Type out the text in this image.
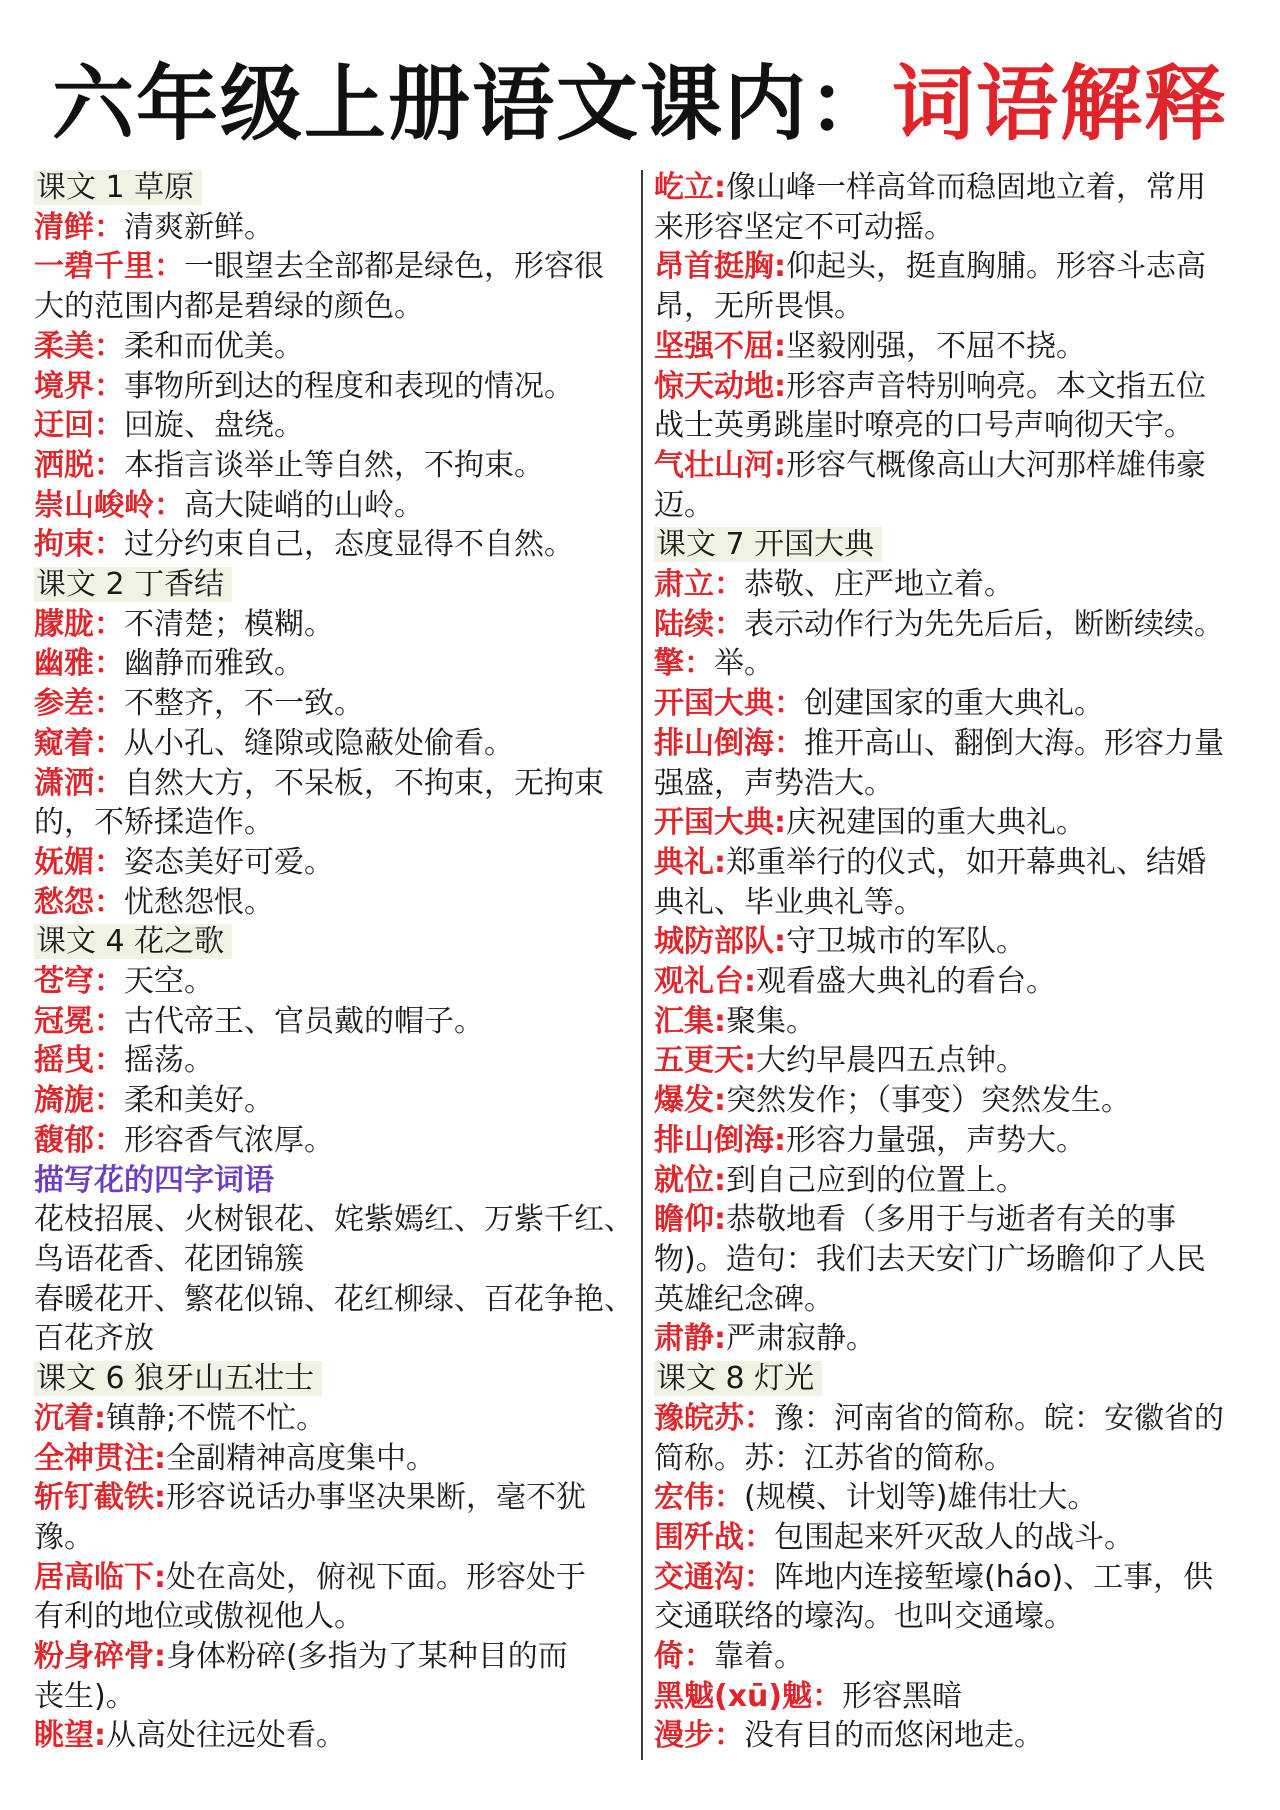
六年级上册语文课内：词语解释
课文 1 草原
清鲜：清爽新鲜。
一碧千里：一眼望去全部都是绿色，形容很
大的范围内都是碧绿的颜色。
柔美：柔和而优美。
境界：事物所到达的程度和表现的情况。
迂回：回旋、盘绕。
洒脱：本指言谈举止等自然，不拘束。
崇山峻岭：高大陡峭的山岭。
拘束：过分约束自己，态度显得不自然。
课文 2 丁香结
朦胧：不清楚；模糊。
幽雅：幽静而雅致。
参差：不整齐，不一致。
窥着：从小孔、缝隙或隐蔽处偷看。
潇洒：自然大方，不呆板，不拘束，无拘束
的，不矫揉造作。
妩媚：姿态美好可爱。
愁怨：忧愁怨恨。
课文 4 花之歌
苍穹：天空。
冠冕：古代帝王、官员戴的帽子。
摇曳：摇荡。
旖旎：柔和美好。
馥郁：形容香气浓厚。
描写花的四字词语
花枝招展、火树银花、姹紫嫣红、万紫千红、
鸟语花香、花团锦簇
春暖花开、繁花似锦、花红柳绿、百花争艳、
百花齐放
课文 6 狼牙山五壮士
沉着:镇静;不慌不忙。
全神贯注:全副精神高度集中。
斩钉截铁:形容说话办事坚决果断，毫不犹
豫。
居高临下:处在高处，俯视下面。形容处于
有利的地位或傲视他人。
粉身碎骨:身体粉碎(多指为了某种目的而
丧生)。
眺望:从高处往远处看。
屹立:像山峰一样高耸而稳固地立着，常用
来形容坚定不可动摇。
昂首挺胸:仰起头，挺直胸脯。形容斗志高
昂，无所畏惧。
坚强不屈:坚毅刚强，不屈不挠。
惊天动地:形容声音特别响亮。本文指五位
战士英勇跳崖时嘹亮的口号声响彻天宇。
气壮山河:形容气概像高山大河那样雄伟豪
迈。
课文 7 开国大典
肃立：恭敬、庄严地立着。
陆续：表示动作行为先先后后，断断续续。
擎：举。
开国大典：创建国家的重大典礼。
排山倒海：推开高山、翻倒大海。形容力量
强盛，声势浩大。
开国大典:庆祝建国的重大典礼。
典礼:郑重举行的仪式，如开幕典礼、结婚
典礼、毕业典礼等。
城防部队:守卫城市的军队。
观礼台:观看盛大典礼的看台。
汇集:聚集。
五更天:大约早晨四五点钟。
爆发:突然发作；（事变）突然发生。
排山倒海:形容力量强，声势大。
就位:到自己应到的位置上。
瞻仰:恭敬地看（多用于与逝者有关的事
物)。造句：我们去天安门广场瞻仰了人民
英雄纪念碑。
肃静:严肃寂静。
课文 8 灯光
豫皖苏：豫：河南省的简称。皖：安徽省的
简称。苏：江苏省的简称。
宏伟：(规模、计划等)雄伟壮大。
围歼战：包围起来歼灭敌人的战斗。
交通沟：阵地内连接堑壕(háo)、工事，供
交通联络的壕沟。也叫交通壕。
倚：靠着。
黑魆(xū)魆：形容黑暗
漫步：没有目的而悠闲地走。
